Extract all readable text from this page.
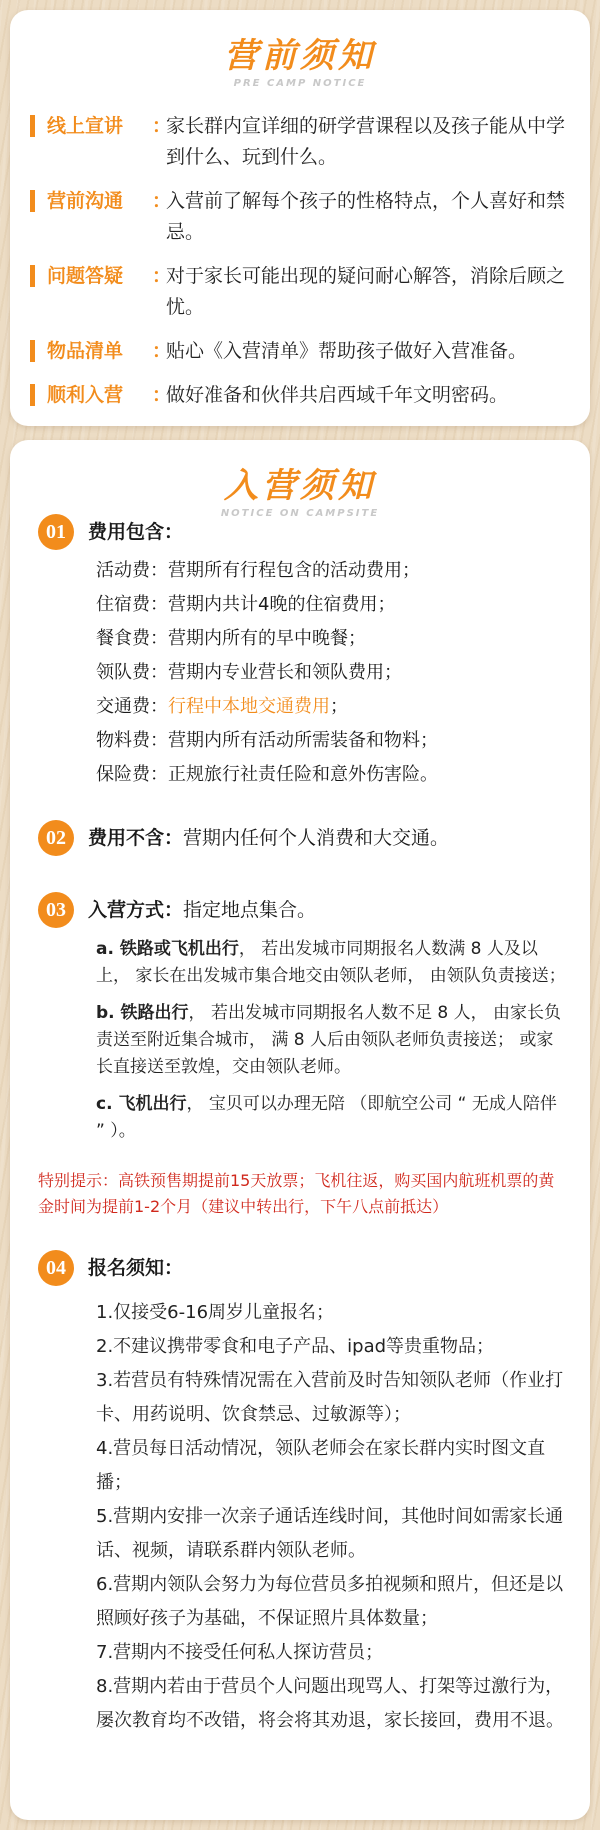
营前须知
PRE CAMP NOTICE
线上宣讲	：
家长群内宣详细的研学营课程以及孩子能从中学到什么、玩到什么。
营前沟通	：
入营前了解每个孩子的性格特点，个人喜好和禁忌。
问题答疑	：
对于家长可能出现的疑问耐心解答，消除后顾之忧。
物品清单	：
贴心《入营清单》帮助孩子做好入营准备。
顺利入营	：
做好准备和伙伴共启西域千年文明密码。
入营须知
NOTICE ON CAMPSITE
01	费用包含：
活动费：营期所有行程包含的活动费用；
住宿费：营期内共计4晚的住宿费用；
餐食费：营期内所有的早中晚餐；
领队费：营期内专业营长和领队费用；
交通费：行程中本地交通费用；
物料费：营期内所有活动所需装备和物料；
保险费：正规旅行社责任险和意外伤害险。
02	费用不含：营期内任何个人消费和大交通。
03	入营方式：指定地点集合。
a. 铁路或飞机出行， 若出发城市同期报名人数满 8 人及以上， 家长在出发城市集合地交由领队老师， 由领队负责接送；
b. 铁路出行， 若出发城市同期报名人数不足 8 人， 由家长负责送至附近集合城市， 满 8 人后由领队老师负责接送； 或家长直接送至敦煌，交由领队老师。
c. 飞机出行， 宝贝可以办理无陪 （即航空公司 “ 无成人陪伴 ” ）。
特别提示：高铁预售期提前15天放票；飞机往返，购买国内航班机票的黄金时间为提前1-2个月（建议中转出行，下午八点前抵达）
04	报名须知：
1.仅接受6-16周岁儿童报名；
2.不建议携带零食和电子产品、ipad等贵重物品；
3.若营员有特殊情况需在入营前及时告知领队老师（作业打卡、用药说明、饮食禁忌、过敏源等）；
4.营员每日活动情况，领队老师会在家长群内实时图文直播；
5.营期内安排一次亲子通话连线时间，其他时间如需家长通话、视频，请联系群内领队老师。
6.营期内领队会努力为每位营员多拍视频和照片，但还是以照顾好孩子为基础，不保证照片具体数量；
7.营期内不接受任何私人探访营员；
8.营期内若由于营员个人问题出现骂人、打架等过激行为，屡次教育均不改错，将会将其劝退，家长接回，费用不退。
